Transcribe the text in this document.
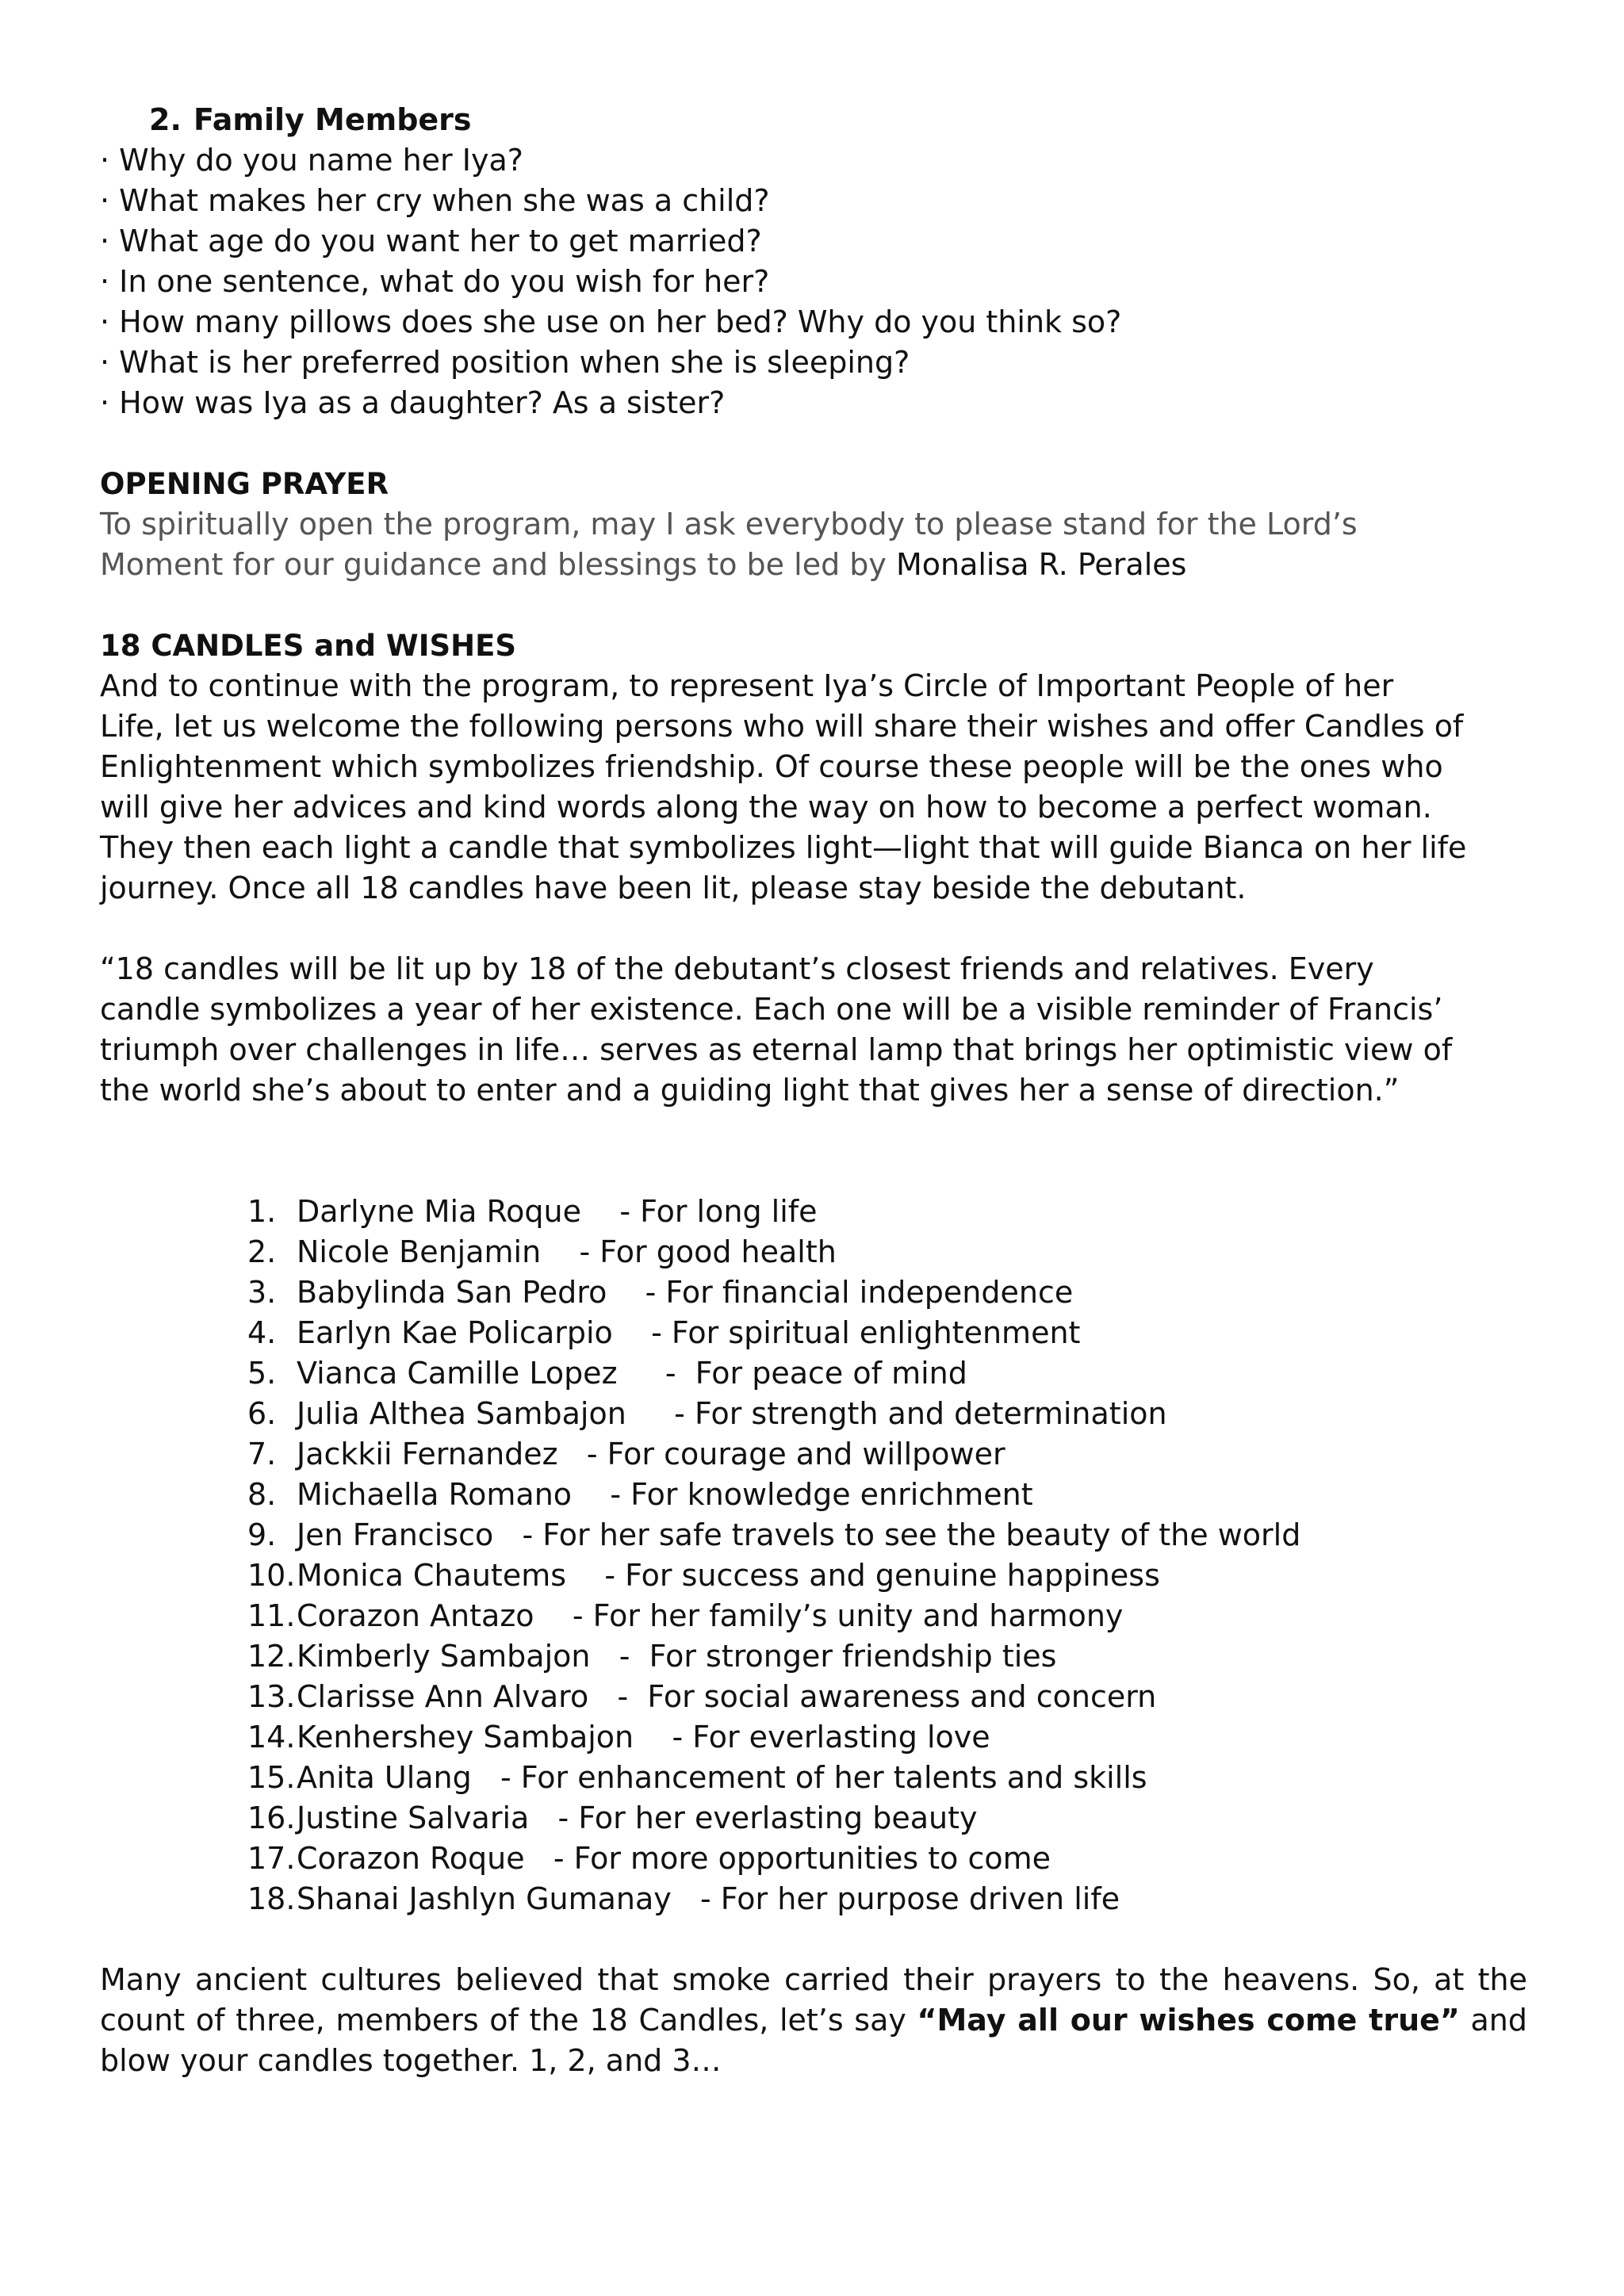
2. Family Members
· Why do you name her Iya?
· What makes her cry when she was a child?
· What age do you want her to get married?
· In one sentence, what do you wish for her?
· How many pillows does she use on her bed? Why do you think so?
· What is her preferred position when she is sleeping?
· How was Iya as a daughter? As a sister?
OPENING PRAYER
To spiritually open the program, may I ask everybody to please stand for the Lord’s
Moment for our guidance and blessings to be led by Monalisa R. Perales
18 CANDLES and WISHES
And to continue with the program, to represent Iya’s Circle of Important People of her
Life, let us welcome the following persons who will share their wishes and offer Candles of
Enlightenment which symbolizes friendship. Of course these people will be the ones who
will give her advices and kind words along the way on how to become a perfect woman.
They then each light a candle that symbolizes light—light that will guide Bianca on her life
journey. Once all 18 candles have been lit, please stay beside the debutant.
“18 candles will be lit up by 18 of the debutant’s closest friends and relatives. Every
candle symbolizes a year of her existence. Each one will be a visible reminder of Francis’
triumph over challenges in life… serves as eternal lamp that brings her optimistic view of
the world she’s about to enter and a guiding light that gives her a sense of direction.”
1. Darlyne Mia Roque    - For long life
2. Nicole Benjamin    - For good health
3. Babylinda San Pedro    - For financial independence
4. Earlyn Kae Policarpio    - For spiritual enlightenment
5. Vianca Camille Lopez     -  For peace of mind
6. Julia Althea Sambajon     - For strength and determination
7. Jackkii Fernandez   - For courage and willpower
8. Michaella Romano    - For knowledge enrichment
9. Jen Francisco   - For her safe travels to see the beauty of the world
10.Monica Chautems    - For success and genuine happiness
11.Corazon Antazo    - For her family’s unity and harmony
12.Kimberly Sambajon   -  For stronger friendship ties
13.Clarisse Ann Alvaro   -  For social awareness and concern
14.Kenhershey Sambajon    - For everlasting love
15.Anita Ulang   - For enhancement of her talents and skills
16.Justine Salvaria   - For her everlasting beauty
17.Corazon Roque   - For more opportunities to come
18.Shanai Jashlyn Gumanay   - For her purpose driven life

Many ancient cultures believed that smoke carried their prayers to the heavens. So, at the count of three, members of the 18 Candles, let’s say “May all our wishes come true” and blow your candles together. 1, 2, and 3…
